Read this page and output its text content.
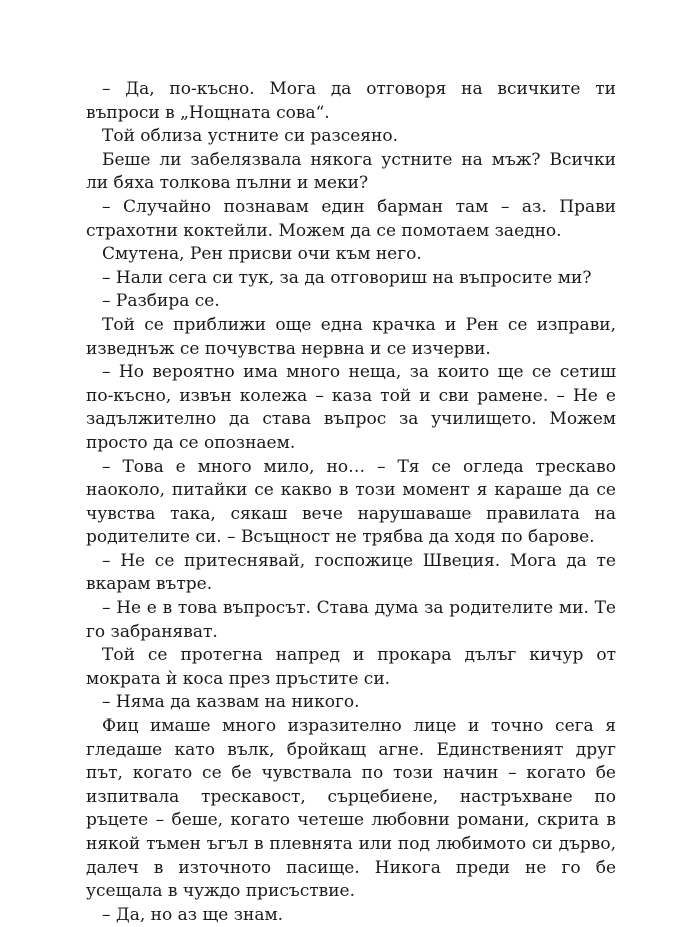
– Да, по-късно. Мога да отговоря на всичките ти въпроси в „Нощната сова“.

Той облиза устните си разсеяно.

Беше ли забелязвала някога устните на мъж? Всички ли бяха толкова пълни и меки?

– Случайно познавам един барман там – аз. Прави страхотни коктейли. Можем да се помотаем заедно.

Смутена, Рен присви очи към него.

– Нали сега си тук, за да отговориш на въпросите ми?

– Разбира се.

Той се приближи още една крачка и Рен се изправи, изведнъж се почувства нервна и се изчерви.

– Но вероятно има много неща, за които ще се сетиш по-късно, извън колежа – каза той и сви рамене. – Не е задължително да става въпрос за училището. Можем просто да се опознаем.

– Това е много мило, но… – Тя се огледа трескаво наоколо, питайки се какво в този момент я караше да се чувства така, сякаш вече нарушаваше правилата на родителите си. – Всъщност не трябва да ходя по барове.

– Не се притеснявай, госпожице Швеция. Мога да те вкарам вътре.

– Не е в това въпросът. Става дума за родителите ми. Те го забраняват.

Той се протегна напред и прокара дълъг кичур от мократа ѝ коса през пръстите си.

– Няма да казвам на никого.

Фиц имаше много изразително лице и точно сега я гледаше като вълк, бройкащ агне. Единственият друг път, когато се бе чувствала по този начин – когато бе изпитвала трескавост, сърцебиене, настръхване по ръцете – беше, когато четеше любовни романи, скрита в някой тъмен ъгъл в плевнята или под любимото си дърво, далеч в източното пасище. Никога преди не го бе усещала в чуждо присъствие.

– Да, но аз ще знам.
